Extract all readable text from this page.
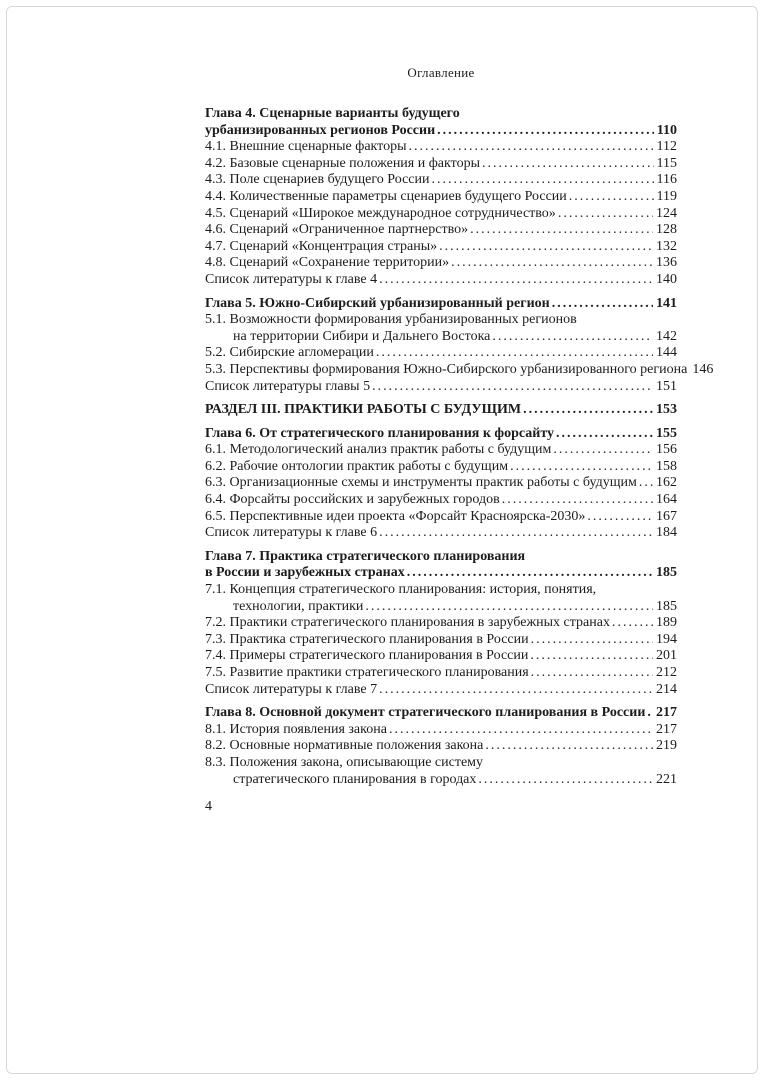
Оглавление
Глава 4. Сценарные варианты будущего
урбанизированных регионов России .....	110
4.1. Внешние сценарные факторы .....	112
4.2. Базовые сценарные положения и факторы .....	115
4.3. Поле сценариев будущего России .....	116
4.4. Количественные параметры сценариев будущего России .....	119
4.5. Сценарий «Широкое международное сотрудничество» .....	124
4.6. Сценарий «Ограниченное партнерство» .....	128
4.7. Сценарий «Концентрация страны» .....	132
4.8. Сценарий «Сохранение территории» .....	136
Список литературы к главе 4 .....	140
Глава 5. Южно-Сибирский урбанизированный регион .....	141
5.1. Возможности формирования урбанизированных регионов
на территории Сибири и Дальнего Востока .....	142
5.2. Сибирские агломерации .....	144
5.3. Перспективы формирования Южно-Сибирского урбанизированного региона 146
Список литературы главы 5 .....	151
РАЗДЕЛ III. ПРАКТИКИ РАБОТЫ С БУДУЩИМ .....	153
Глава 6. От стратегического планирования к форсайту .....	155
6.1. Методологический анализ практик работы с будущим .....	156
6.2. Рабочие онтологии практик работы с будущим .....	158
6.3. Организационные схемы и инструменты практик работы с будущим ..... 162
6.4. Форсайты российских и зарубежных городов .....	164
6.5. Перспективные идеи проекта «Форсайт Красноярска-2030» .....	167
Список литературы к главе 6 .....	184
Глава 7. Практика стратегического планирования
в России и зарубежных странах .....	185
7.1. Концепция стратегического планирования: история, понятия,
технологии, практики .....	185
7.2. Практики стратегического планирования в зарубежных странах .....	189
7.3. Практика стратегического планирования в России .....	194
7.4. Примеры стратегического планирования в России .....	201
7.5. Развитие практики стратегического планирования .....	212
Список литературы к главе 7 .....	214
Глава 8. Основной документ стратегического планирования в России ..... 217
8.1. История появления закона .....	217
8.2. Основные нормативные положения закона .....	219
8.3. Положения закона, описывающие систему
стратегического планирования в городах .....	221
4
